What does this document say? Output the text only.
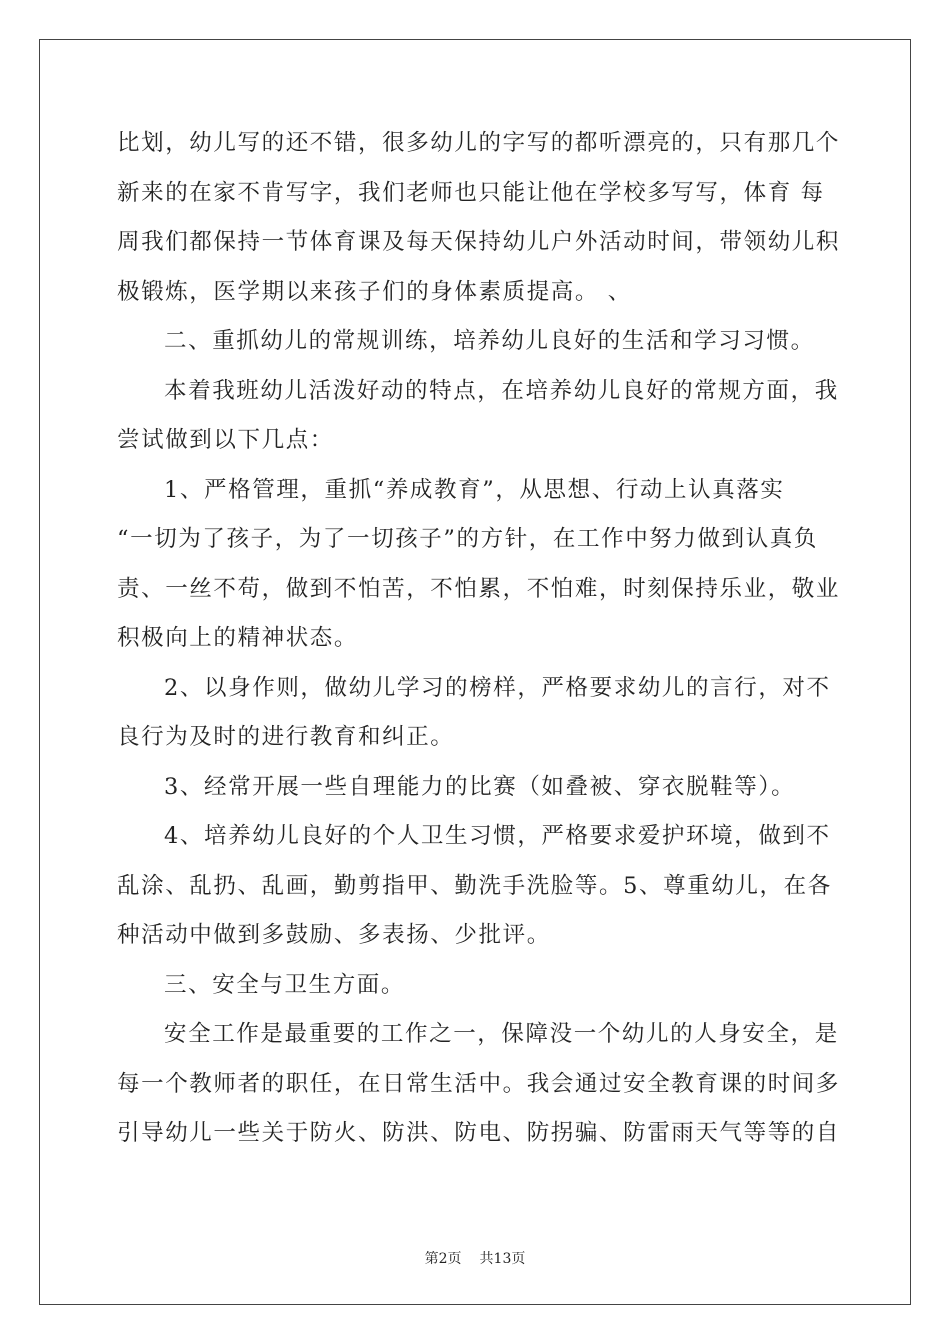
比划，幼儿写的还不错，很多幼儿的字写的都听漂亮的，只有那几个
新来的在家不肯写字，我们老师也只能让他在学校多写写，体育 每
周我们都保持一节体育课及每天保持幼儿户外活动时间，带领幼儿积
极锻炼，医学期以来孩子们的身体素质提高。 、

二、重抓幼儿的常规训练，培养幼儿良好的生活和学习习惯。

本着我班幼儿活泼好动的特点，在培养幼儿良好的常规方面，我
尝试做到以下几点：

1、严格管理，重抓“养成教育”，从思想、行动上认真落实
“一切为了孩子，为了一切孩子”的方针，在工作中努力做到认真负
责、一丝不苟，做到不怕苦，不怕累，不怕难，时刻保持乐业，敬业
积极向上的精神状态。

2、以身作则，做幼儿学习的榜样，严格要求幼儿的言行，对不
良行为及时的进行教育和纠正。

3、经常开展一些自理能力的比赛（如叠被、穿衣脱鞋等）。

4、培养幼儿良好的个人卫生习惯，严格要求爱护环境，做到不
乱涂、乱扔、乱画，勤剪指甲、勤洗手洗脸等。5、尊重幼儿，在各
种活动中做到多鼓励、多表扬、少批评。

三、安全与卫生方面。

安全工作是最重要的工作之一，保障没一个幼儿的人身安全，是
每一个教师者的职任，在日常生活中。我会通过安全教育课的时间多
引导幼儿一些关于防火、防洪、防电、防拐骗、防雷雨天气等等的自

第2页 共13页
